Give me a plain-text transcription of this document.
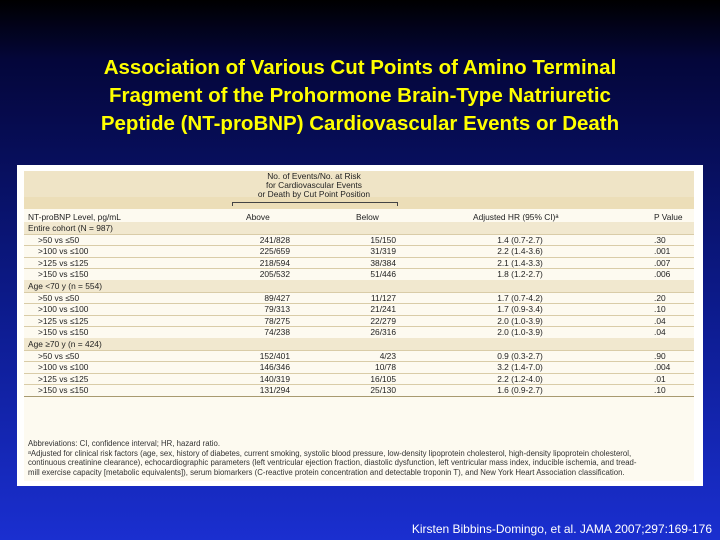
Association of Various Cut Points of Amino Terminal
Fragment of the Prohormone Brain-Type Natriuretic
Peptide (NT-proBNP) Cardiovascular Events or Death
No. of Events/No. at Risk
for Cardiovascular Events
or Death by Cut Point Position
NT-proBNP Level, pg/mL	Above	Below	Adjusted HR (95% CI)ᵃ	P Value
Abbreviations: CI, confidence interval; HR, hazard ratio.
ᵃAdjusted for clinical risk factors (age, sex, history of diabetes, current smoking, systolic blood pressure, low-density lipoprotein cholesterol, high-density lipoprotein cholesterol,
continuous creatinine clearance), echocardiographic parameters (left ventricular ejection fraction, diastolic dysfunction, left ventricular mass index, inducible ischemia, and tread-
mill exercise capacity [metabolic equivalents]), serum biomarkers (C-reactive protein concentration and detectable troponin T), and New York Heart Association classification.
Entire cohort (N = 987)
>50 vs ≤50	241/828	15/150	1.4 (0.7-2.7)	.30
>100 vs ≤100	225/659	31/319	2.2 (1.4-3.6)	.001
>125 vs ≤125	218/594	38/384	2.1 (1.4-3.3)	.007
>150 vs ≤150	205/532	51/446	1.8 (1.2-2.7)	.006
Age <70 y (n = 554)
>50 vs ≤50	89/427	11/127	1.7 (0.7-4.2)	.20
>100 vs ≤100	79/313	21/241	1.7 (0.9-3.4)	.10
>125 vs ≤125	78/275	22/279	2.0 (1.0-3.9)	.04
>150 vs ≤150	74/238	26/316	2.0 (1.0-3.9)	.04
Age ≥70 y (n = 424)
>50 vs ≤50	152/401	4/23	0.9 (0.3-2.7)	.90
>100 vs ≤100	146/346	10/78	3.2 (1.4-7.0)	.004
>125 vs ≤125	140/319	16/105	2.2 (1.2-4.0)	.01
>150 vs ≤150	131/294	25/130	1.6 (0.9-2.7)	.10
Kirsten Bibbins-Domingo, et al. JAMA 2007;297:169-176
